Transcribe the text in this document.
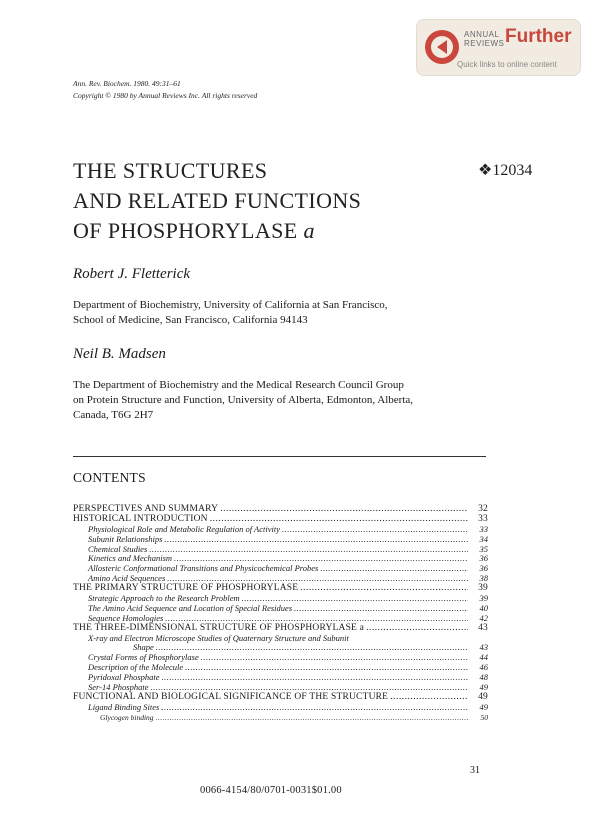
ANNUAL
REVIEWS Further
Quick links to online content
Ann. Rev. Biochem. 1980. 49:31–61
Copyright © 1980 by Annual Reviews Inc. All rights reserved
THE STRUCTURES
AND RELATED FUNCTIONS
OF PHOSPHORYLASE a
❖12034
Robert J. Fletterick
Department of Biochemistry, University of California at San Francisco,
School of Medicine, San Francisco, California 94143
Neil B. Madsen
The Department of Biochemistry and the Medical Research Council Group
on Protein Structure and Function, University of Alberta, Edmonton, Alberta,
Canada, T6G 2H7
CONTENTS
PERSPECTIVES AND SUMMARY .....	32
HISTORICAL INTRODUCTION .....	33
Physiological Role and Metabolic Regulation of Activity .....	33
Subunit Relationships .....	34
Chemical Studies .....	35
Kinetics and Mechanism .....	36
Allosteric Conformational Transitions and Physicochemical Probes .....	36
Amino Acid Sequences .....	38
THE PRIMARY STRUCTURE OF PHOSPHORYLASE .....	39
Strategic Approach to the Research Problem .....	39
The Amino Acid Sequence and Location of Special Residues .....	40
Sequence Homologies .....	42
THE THREE-DIMENSIONAL STRUCTURE OF PHOSPHORYLASE a .....	43
X-ray and Electron Microscope Studies of Quaternary Structure and Subunit
Shape .....	43
Crystal Forms of Phosphorylase .....	44
Description of the Molecule .....	46
Pyridoxal Phosphate .....	48
Ser-14 Phosphate .....	49
FUNCTIONAL AND BIOLOGICAL SIGNIFICANCE OF THE STRUCTURE .....	49
Ligand Binding Sites .....	49
Glycogen binding .....	50
31
0066-4154/80/0701-0031$01.00
